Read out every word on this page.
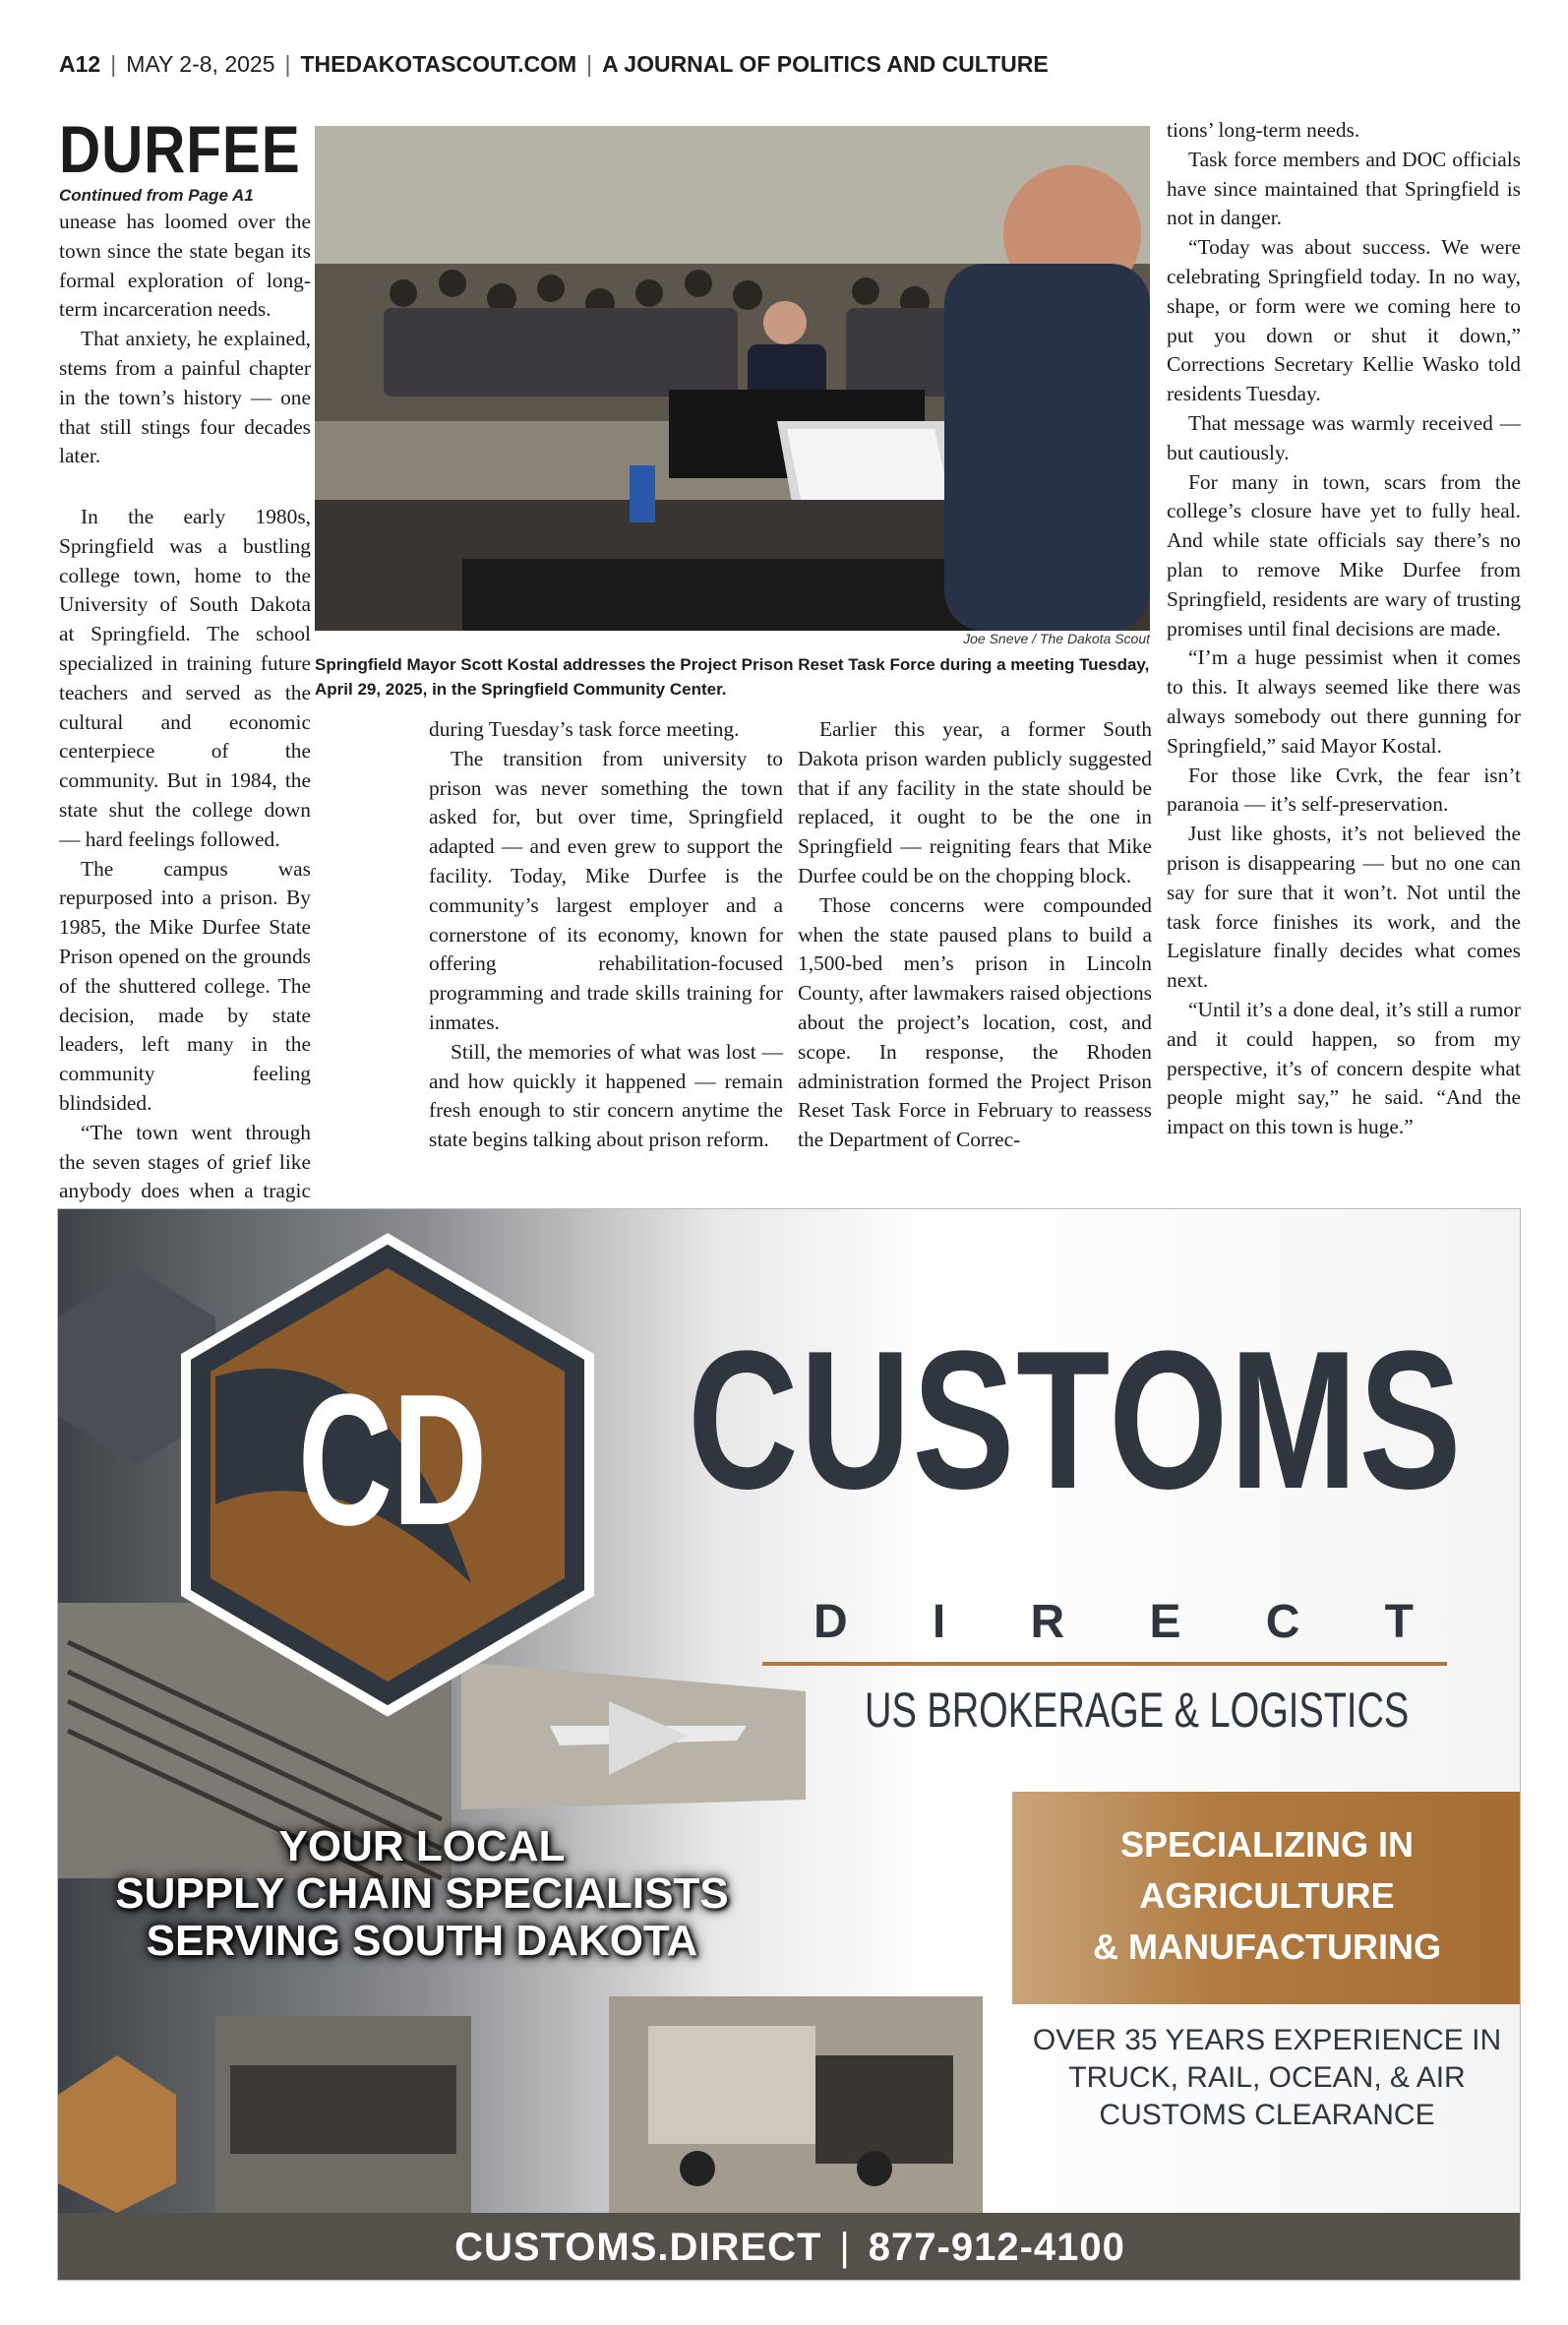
A12 | MAY 2-8, 2025 | THEDAKOTASCOUT.COM | A JOURNAL OF POLITICS AND CULTURE
DURFEE
Continued from Page A1
Joe Sneve / The Dakota Scout
Springfield Mayor Scott Kostal addresses the Project Prison Reset Task Force during a meeting Tuesday, April 29, 2025, in the Springfield Community Center.

unease has loomed over the town since the state began its formal exploration of long-term incarceration needs.

That anxiety, he explained, stems from a painful chapter in the town’s history — one that still stings four decades later.

In the early 1980s, Springfield was a bustling college town, home to the University of South Dakota at Springfield. The school specialized in training future teachers and served as the cultural and economic centerpiece of the community. But in 1984, the state shut the college down — hard feelings followed.

The campus was repurposed into a prison. By 1985, the Mike Durfee State Prison opened on the grounds of the shuttered college. The decision, made by state leaders, left many in the community feeling blindsided.

“The town went through the seven stages of grief like anybody does when a tragic

during Tuesday’s task force meeting.

The transition from university to prison was never something the town asked for, but over time, Springfield adapted — and even grew to support the facility. Today, Mike Durfee is the community’s largest employer and a cornerstone of its economy, known for offering rehabilitation-focused programming and trade skills training for inmates.

Still, the memories of what was lost — and how quickly it happened — remain fresh enough to stir concern anytime the state begins talking about prison reform.

Earlier this year, a former South Dakota prison warden publicly suggested that if any facility in the state should be replaced, it ought to be the one in Springfield — reigniting fears that Mike Durfee could be on the chopping block.

Those concerns were compounded when the state paused plans to build a 1,500-bed men’s prison in Lincoln County, after lawmakers raised objections about the project’s location, cost, and scope. In response, the Rhoden administration formed the Project Prison Reset Task Force in February to reassess the Department of Correc-

tions’ long-term needs.

Task force members and DOC officials have since maintained that Springfield is not in danger.

“Today was about success. We were celebrating Springfield today. In no way, shape, or form were we coming here to put you down or shut it down,” Corrections Secretary Kellie Wasko told residents Tuesday.

That message was warmly received — but cautiously.

For many in town, scars from the college’s closure have yet to fully heal. And while state officials say there’s no plan to remove Mike Durfee from Springfield, residents are wary of trusting promises until final decisions are made.

“I’m a huge pessimist when it comes to this. It always seemed like there was always somebody out there gunning for Springfield,” said Mayor Kostal.

For those like Cvrk, the fear isn’t paranoia — it’s self-preservation.

Just like ghosts, it’s not believed the prison is disappearing — but no one can say for sure that it won’t. Not until the task force finishes its work, and the Legislature finally decides what comes next.

“Until it’s a done deal, it’s still a rumor and it could happen, so from my perspective, it’s of concern despite what people might say,” he said. “And the impact on this town is huge.”

CD CUSTOMS
D I R E C T
US BROKERAGE & LOGISTICS
YOUR LOCAL
SUPPLY CHAIN SPECIALISTS
SERVING SOUTH DAKOTA
SPECIALIZING IN
AGRICULTURE
& MANUFACTURING
OVER 35 YEARS EXPERIENCE IN
TRUCK, RAIL, OCEAN, & AIR
CUSTOMS CLEARANCE
CUSTOMS.DIRECT | 877-912-4100
